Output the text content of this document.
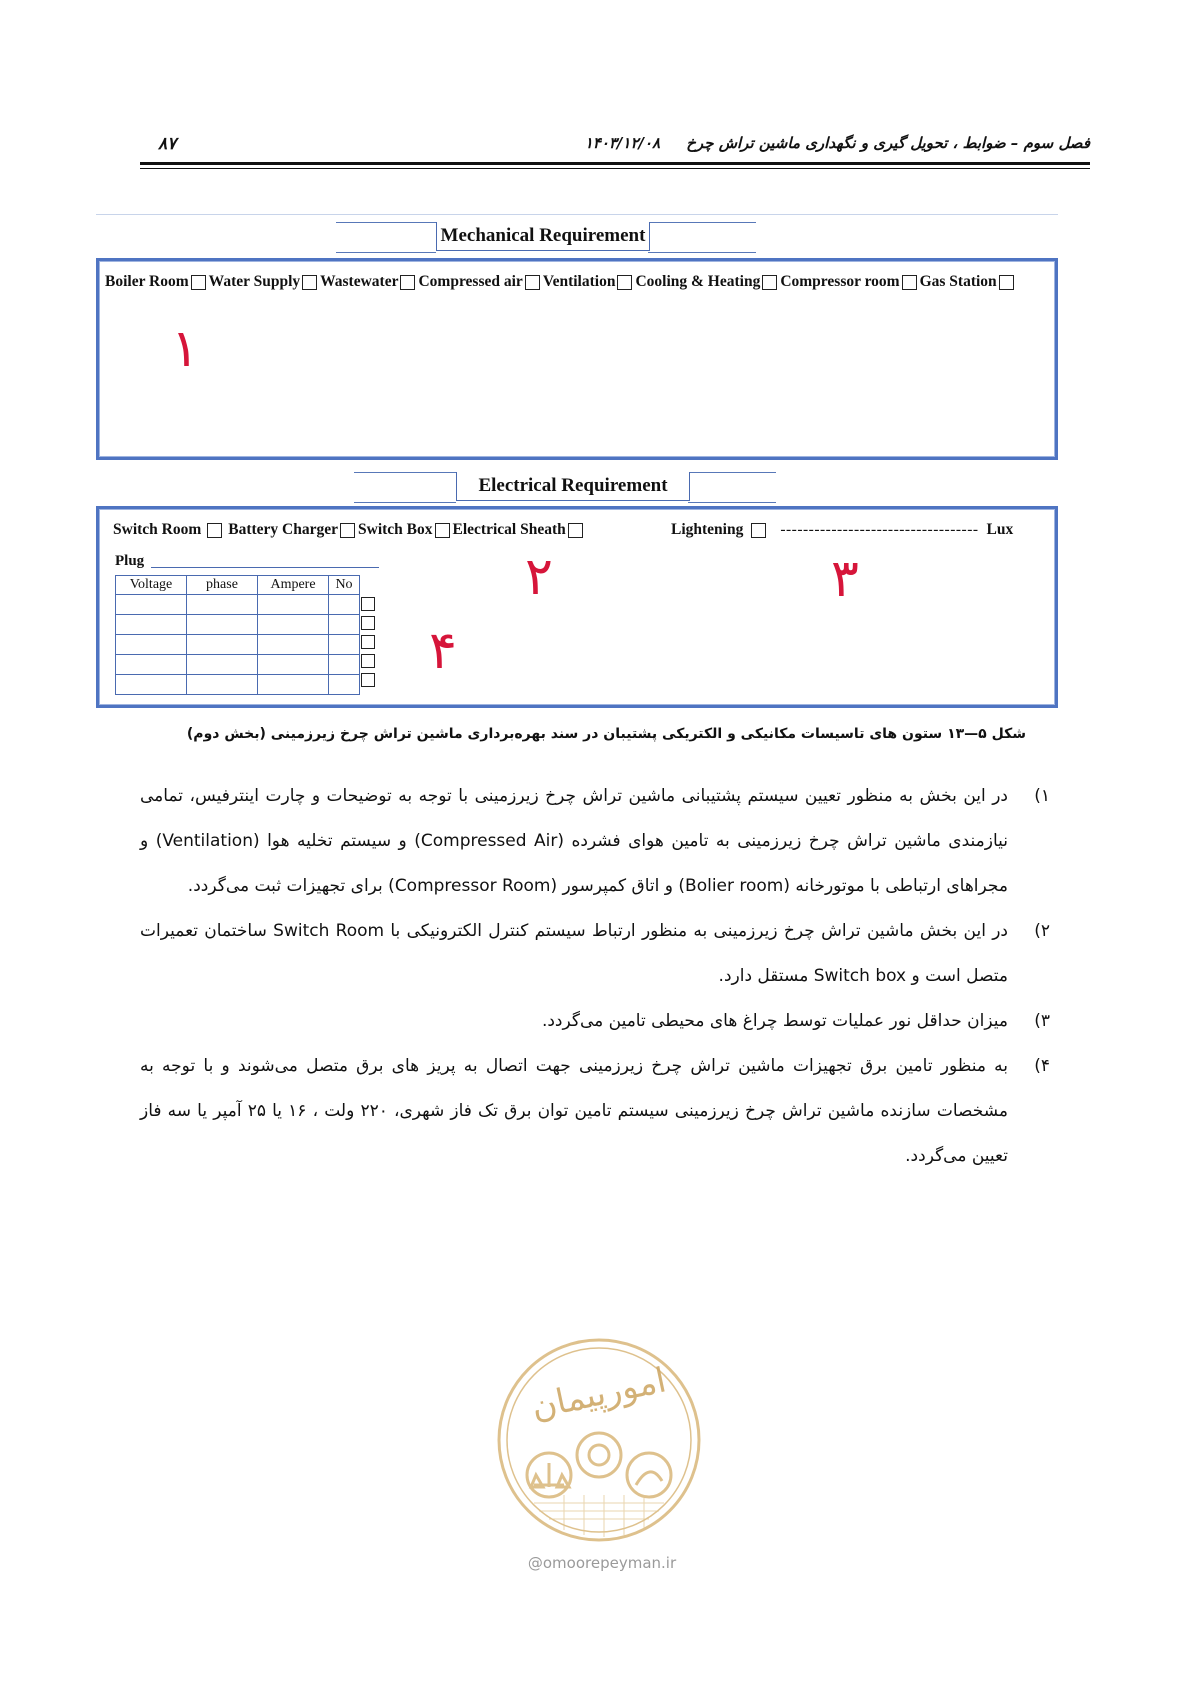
۸۷	فصل سوم – ضوابط ، تحویل گیری و نگهداری ماشین تراش چرخ     ۱۴۰۳/۱۲/۰۸
Mechanical Requirement
Boiler Room Water Supply Wastewater Compressed air Ventilation Cooling & Heating Compressor room Gas Station
۱
Electrical Requirement
Switch Room Battery Charger Switch Box Electrical Sheath	Lightening ----------------------------------- Lux
Plug
Voltage	phase	Ampere	No

				۲	۳
۴
شکل ۵—۱۳ ستون های تاسیسات مکانیکی و الکتریکی پشتیبان در سند بهره‌برداری ماشین تراش چرخ زیرزمینی (بخش دوم)

۱)
در این بخش به منظور تعیین سیستم پشتیبانی ماشین تراش چرخ زیرزمینی با توجه به توضیحات و چارت اینترفیس، تمامی نیازمندی ماشین تراش چرخ زیرزمینی به تامین هوای فشرده (Compressed Air) و سیستم تخلیه هوا (Ventilation) و مجراهای ارتباطی با موتورخانه (Bolier room) و اتاق کمپرسور (Compressor Room) برای تجهیزات ثبت می‌گردد.

۲)
در این بخش ماشین تراش چرخ زیرزمینی به منظور ارتباط سیستم کنترل الکترونیکی با Switch Room ساختمان تعمیرات متصل است و Switch box مستقل دارد.

۳)
میزان حداقل نور عملیات توسط چراغ های محیطی تامین می‌گردد.

۴)
به منظور تامین برق تجهیزات ماشین تراش چرخ زیرزمینی جهت اتصال به پریز های برق متصل می‌شوند و با توجه به مشخصات سازنده ماشین تراش چرخ زیرزمینی سیستم تامین توان برق تک فاز شهری، ۲۲۰ ولت ، ۱۶ یا ۲۵ آمپر یا سه فاز تعیین می‌گردد.

امورپیمان
@omoorepeyman.ir
